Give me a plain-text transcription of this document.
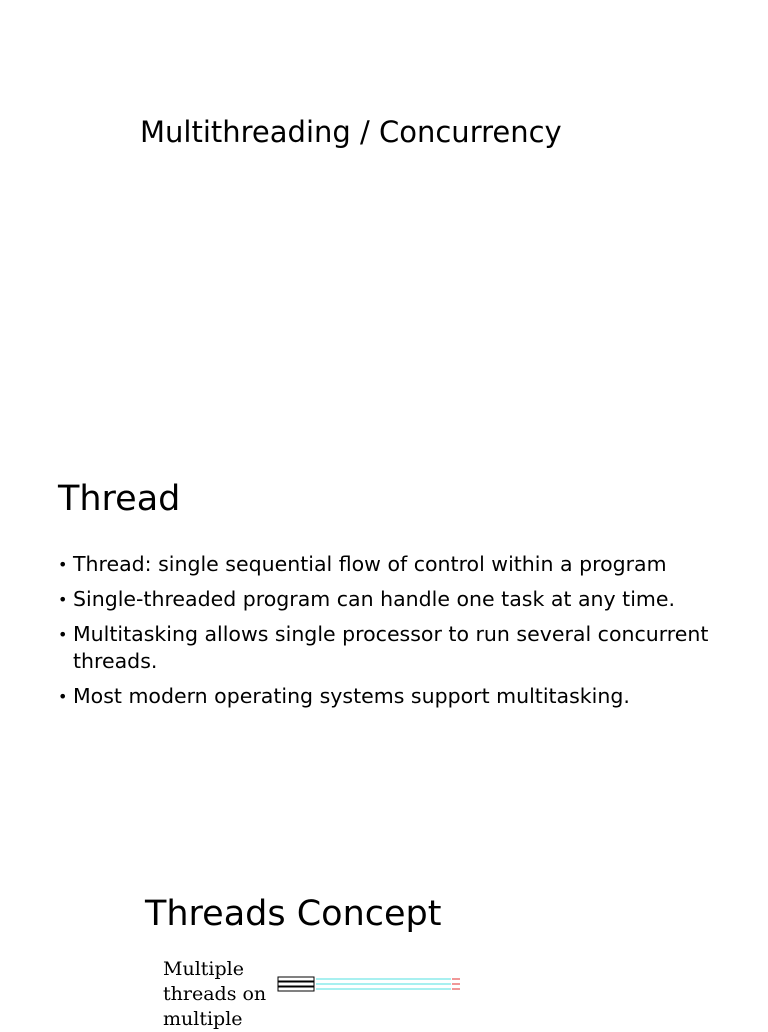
Multithreading / Concurrency
Thread
• Thread: single sequential flow of control within a program
• Single-threaded program can handle one task at any time.
• Multitasking allows single processor to run several concurrent threads.
• Most modern operating systems support multitasking.
Threads Concept
Multiple
threads on
multiple
